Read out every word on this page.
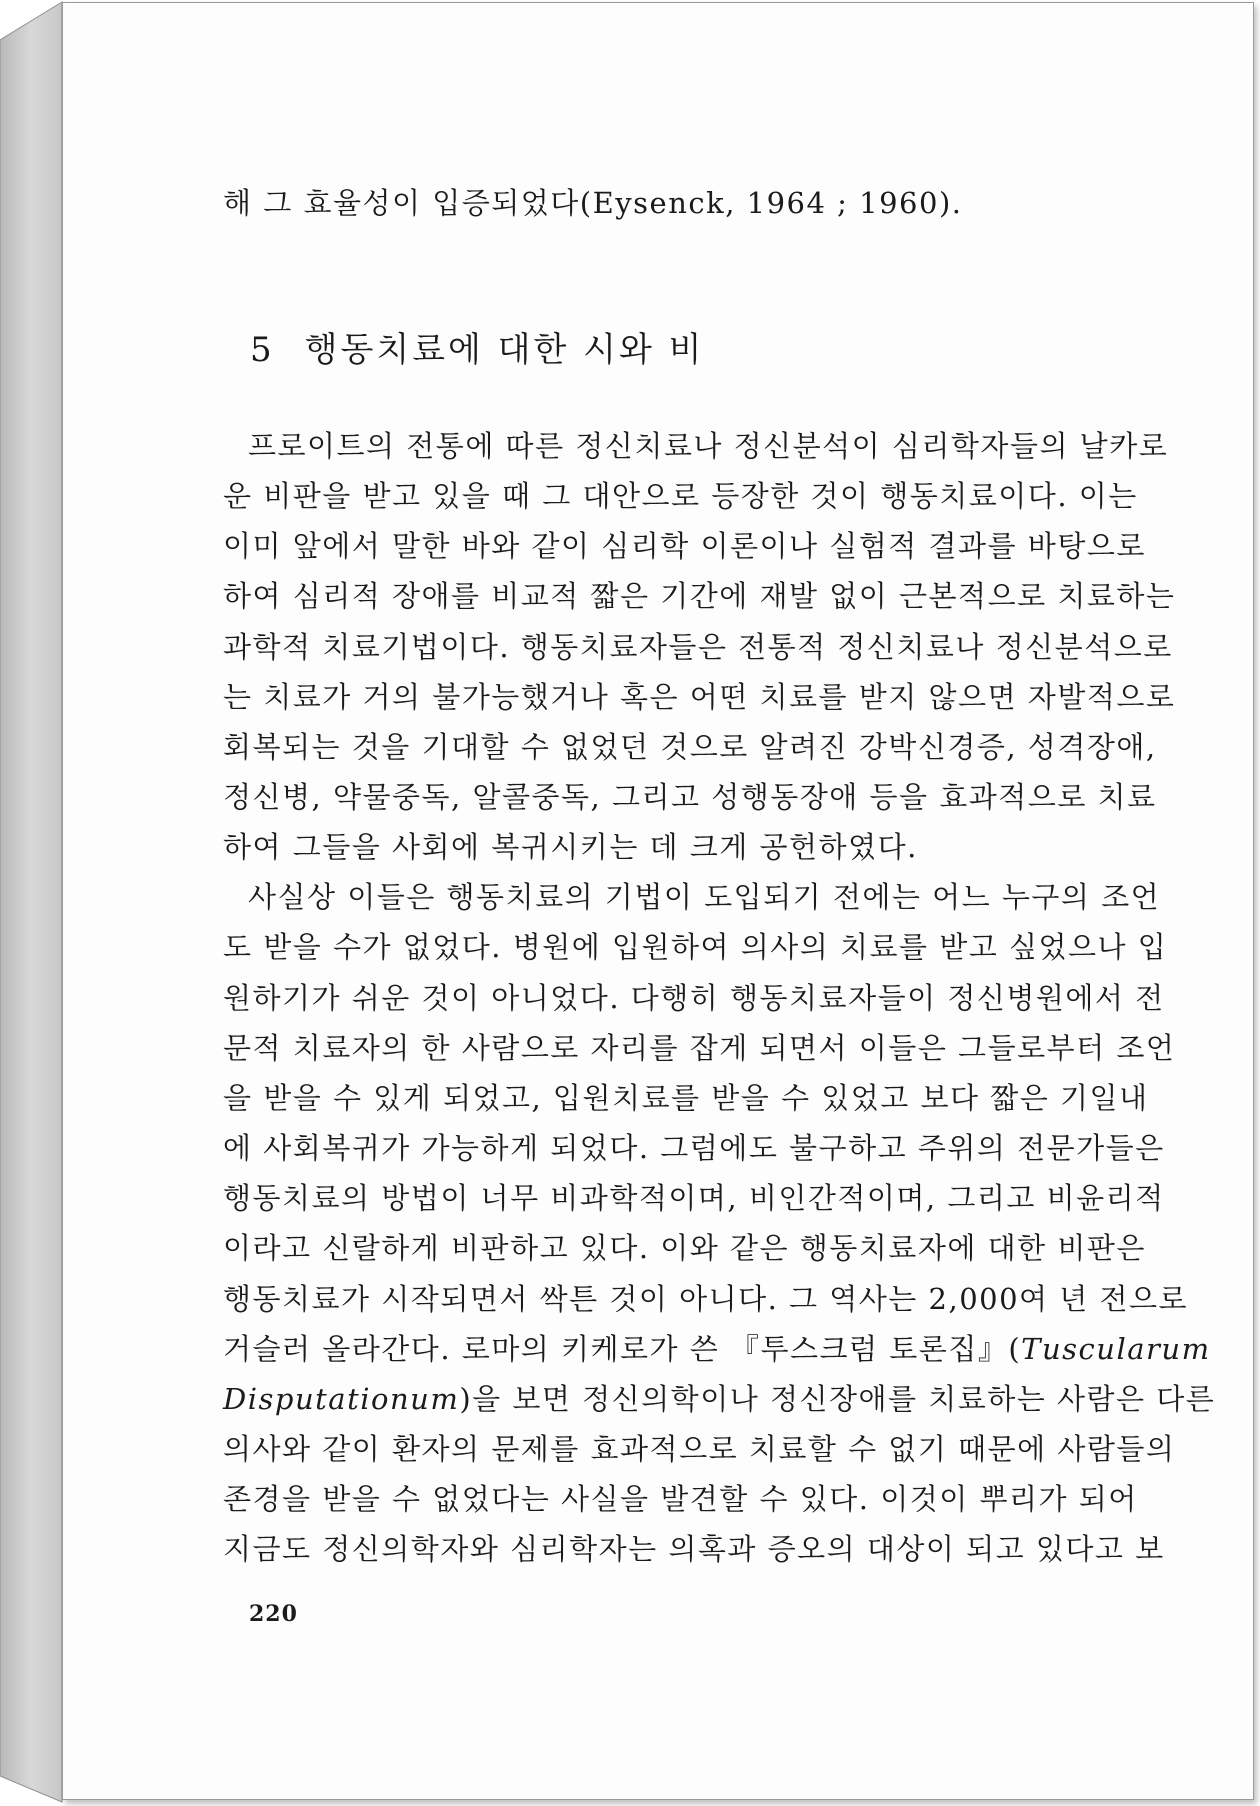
해 그 효율성이 입증되었다(Eysenck, 1964 ; 1960).
5 행동치료에 대한 시와 비
프로이트의 전통에 따른 정신치료나 정신분석이 심리학자들의 날카로
운 비판을 받고 있을 때 그 대안으로 등장한 것이 행동치료이다. 이는
이미 앞에서 말한 바와 같이 심리학 이론이나 실험적 결과를 바탕으로
하여 심리적 장애를 비교적 짧은 기간에 재발 없이 근본적으로 치료하는
과학적 치료기법이다. 행동치료자들은 전통적 정신치료나 정신분석으로
는 치료가 거의 불가능했거나 혹은 어떤 치료를 받지 않으면 자발적으로
회복되는 것을 기대할 수 없었던 것으로 알려진 강박신경증, 성격장애,
정신병, 약물중독, 알콜중독, 그리고 성행동장애 등을 효과적으로 치료
하여 그들을 사회에 복귀시키는 데 크게 공헌하였다.
사실상 이들은 행동치료의 기법이 도입되기 전에는 어느 누구의 조언
도 받을 수가 없었다. 병원에 입원하여 의사의 치료를 받고 싶었으나 입
원하기가 쉬운 것이 아니었다. 다행히 행동치료자들이 정신병원에서 전
문적 치료자의 한 사람으로 자리를 잡게 되면서 이들은 그들로부터 조언
을 받을 수 있게 되었고, 입원치료를 받을 수 있었고 보다 짧은 기일내
에 사회복귀가 가능하게 되었다. 그럼에도 불구하고 주위의 전문가들은
행동치료의 방법이 너무 비과학적이며, 비인간적이며, 그리고 비윤리적
이라고 신랄하게 비판하고 있다. 이와 같은 행동치료자에 대한 비판은
행동치료가 시작되면서 싹튼 것이 아니다. 그 역사는 2,000여 년 전으로
거슬러 올라간다. 로마의 키케로가 쓴 『투스크럼 토론집』(Tuscularum
Disputationum)을 보면 정신의학이나 정신장애를 치료하는 사람은 다른
의사와 같이 환자의 문제를 효과적으로 치료할 수 없기 때문에 사람들의
존경을 받을 수 없었다는 사실을 발견할 수 있다. 이것이 뿌리가 되어
지금도 정신의학자와 심리학자는 의혹과 증오의 대상이 되고 있다고 보
220
